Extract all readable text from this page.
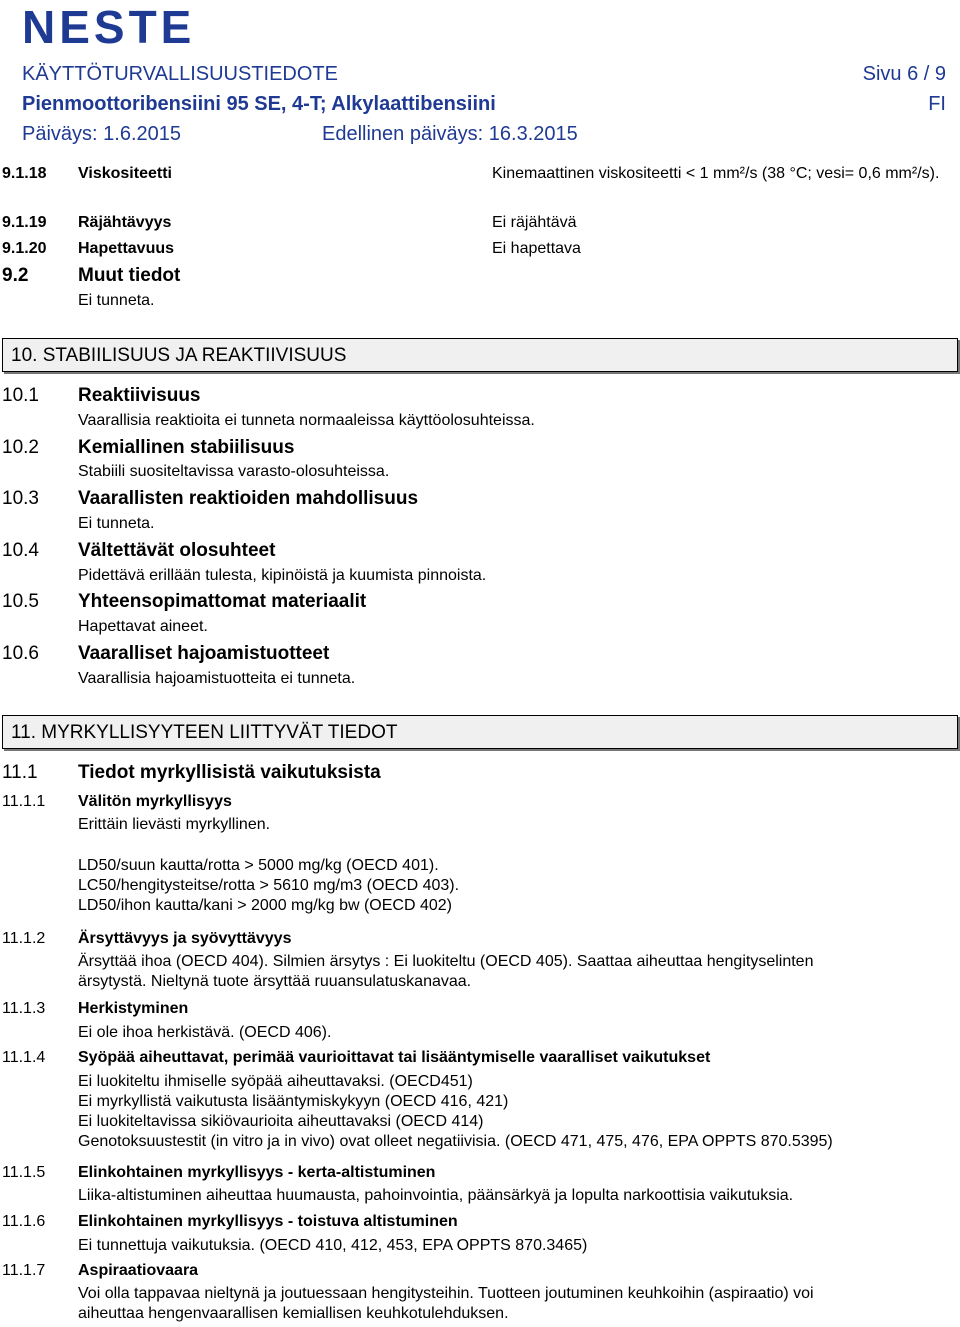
NESTE
KÄYTTÖTURVALLISUUSTIEDOTE	Sivu 6 / 9
Pienmoottoribensiini 95 SE, 4-T; Alkylaattibensiini	FI
Päiväys: 1.6.2015	Edellinen päiväys: 16.3.2015
9.1.18 Viskositeetti	Kinemaattinen viskositeetti < 1 mm²/s (38 °C; vesi= 0,6 mm²/s).
9.1.19 Räjähtävyys	Ei räjähtävä
9.1.20 Hapettavuus	Ei hapettava
9.2	Muut tiedot
Ei tunneta.
10. STABIILISUUS JA REAKTIIVISUUS
10.1 Reaktiivisuus
Vaarallisia reaktioita ei tunneta normaaleissa käyttöolosuhteissa.
10.2 Kemiallinen stabiilisuus
Stabiili suositeltavissa varasto-olosuhteissa.
10.3 Vaarallisten reaktioiden mahdollisuus
Ei tunneta.
10.4 Vältettävät olosuhteet
Pidettävä erillään tulesta, kipinöistä ja kuumista pinnoista.
10.5 Yhteensopimattomat materiaalit
Hapettavat aineet.
10.6 Vaaralliset hajoamistuotteet
Vaarallisia hajoamistuotteita ei tunneta.
11. MYRKYLLISYYTEEN LIITTYVÄT TIEDOT
11.1 Tiedot myrkyllisistä vaikutuksista
11.1.1 Välitön myrkyllisyys
Erittäin lievästi myrkyllinen.
LD50/suun kautta/rotta > 5000 mg/kg (OECD 401).
LC50/hengitysteitse/rotta > 5610 mg/m3 (OECD 403).
LD50/ihon kautta/kani > 2000 mg/kg bw (OECD 402)
11.1.2 Ärsyttävyys ja syövyttävyys
Ärsyttää ihoa (OECD 404). Silmien ärsytys : Ei luokiteltu (OECD 405). Saattaa aiheuttaa hengityselinten
ärsytystä. Nieltynä tuote ärsyttää ruuansulatuskanavaa.
11.1.3 Herkistyminen
Ei ole ihoa herkistävä. (OECD 406).
11.1.4 Syöpää aiheuttavat, perimää vaurioittavat tai lisääntymiselle vaaralliset vaikutukset
Ei luokiteltu ihmiselle syöpää aiheuttavaksi. (OECD451)
Ei myrkyllistä vaikutusta lisääntymiskykyyn (OECD 416, 421)
Ei luokiteltavissa sikiövaurioita aiheuttavaksi (OECD 414)
Genotoksuustestit (in vitro ja in vivo) ovat olleet negatiivisia. (OECD 471, 475, 476, EPA OPPTS 870.5395)
11.1.5 Elinkohtainen myrkyllisyys - kerta-altistuminen
Liika-altistuminen aiheuttaa huumausta, pahoinvointia, päänsärkyä ja lopulta narkoottisia vaikutuksia.
11.1.6 Elinkohtainen myrkyllisyys - toistuva altistuminen
Ei tunnettuja vaikutuksia. (OECD 410, 412, 453, EPA OPPTS 870.3465)
11.1.7 Aspiraatiovaara
Voi olla tappavaa nieltynä ja joutuessaan hengitysteihin. Tuotteen joutuminen keuhkoihin (aspiraatio) voi
aiheuttaa hengenvaarallisen kemiallisen keuhkotulehduksen.
